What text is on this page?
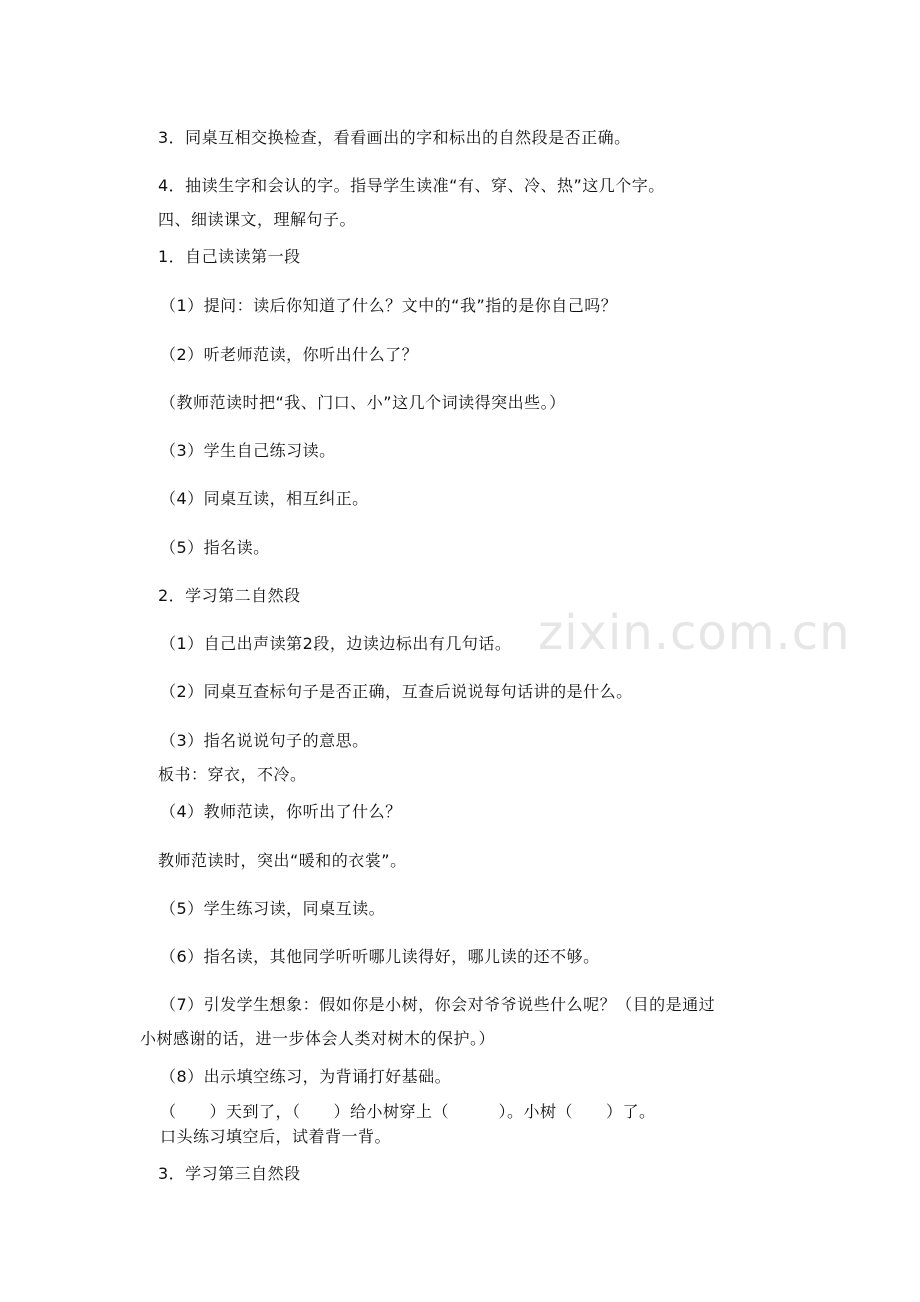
zixin.com.cn
3．同桌互相交换检查，看看画出的字和标出的自然段是否正确。
4．抽读生字和会认的字。指导学生读准“有、穿、冷、热”这几个字。
四、细读课文，理解句子。
1．自己读读第一段
（1）提问：读后你知道了什么？文中的“我”指的是你自己吗？
（2）听老师范读，你听出什么了？
（教师范读时把“我、门口、小”这几个词读得突出些。）
（3）学生自己练习读。
（4）同桌互读，相互纠正。
（5）指名读。
2．学习第二自然段
（1）自己出声读第2段，边读边标出有几句话。
（2）同桌互查标句子是否正确，互查后说说每句话讲的是什么。
（3）指名说说句子的意思。
板书：穿衣，不冷。
（4）教师范读，你听出了什么？
教师范读时，突出“暖和的衣裳”。
（5）学生练习读，同桌互读。
（6）指名读，其他同学听听哪儿读得好，哪儿读的还不够。
（7）引发学生想象：假如你是小树，你会对爷爷说些什么呢？（目的是通过
小树感谢的话，进一步体会人类对树木的保护。）
（8）出示填空练习，为背诵打好基础。
（　　）天到了，（　　）给小树穿上（　　　）。小树（　　）了。
口头练习填空后，试着背一背。
3．学习第三自然段
